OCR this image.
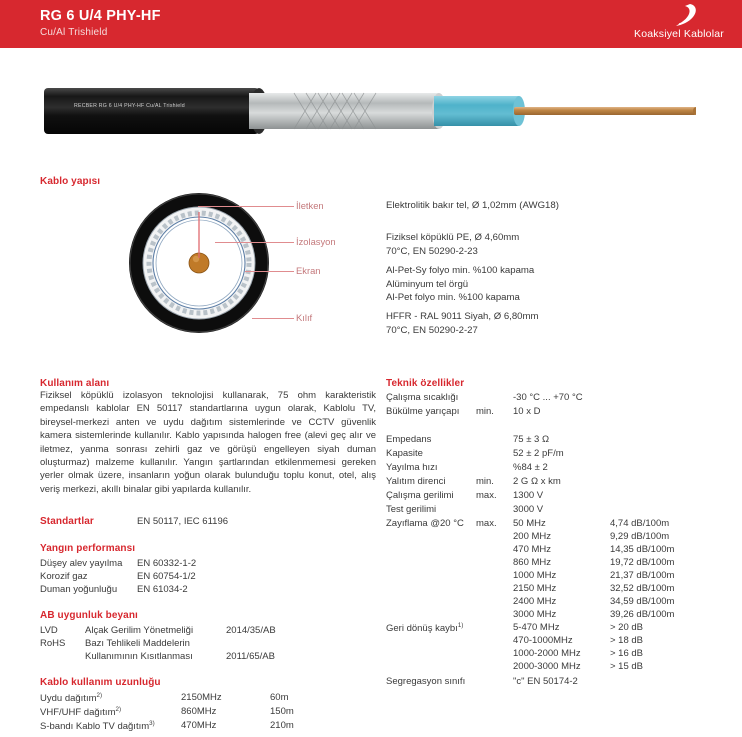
RG 6 U/4 PHY-HF
Cu/Al Trishield	Koaksiyel Kablolar
RECBER RG 6 U/4 PHY-HF Cu/AL Trishield
Kablo yapısı
İletken
İzolasyon
Ekran
Kılıf
Elektrolitik bakır tel, Ø 1,02mm (AWG18)
Fiziksel köpüklü PE, Ø 4,60mm
70°C, EN 50290-2-23
Al-Pet-Sy folyo min. %100 kapama
Alüminyum tel örgü
Al-Pet folyo min. %100 kapama
HFFR - RAL 9011 Siyah, Ø 6,80mm
70°C, EN 50290-2-27
Kullanım alanı
Fiziksel köpüklü izolasyon teknolojisi kullanarak, 75 ohm karakteristik empedanslı kablolar EN 50117 standartlarına uygun olarak, Kablolu TV, bireysel-merkezi anten ve uydu dağıtım sistemlerinde ve CCTV güvenlik kamera sistemlerinde kullanılır. Kablo yapısında halogen free (alevi geç alır ve iletmez, yanma sonrası zehirli gaz ve görüşü engelleyen siyah duman oluşturmaz) malzeme kullanılır. Yangın şartlarından etkilenmemesi gereken yerler olmak üzere, insanların yoğun olarak bulunduğu toplu konut, otel, alış veriş merkezi, akıllı binalar gibi yapılarda kullanılır.
Standartlar	EN 50117, IEC 61196
Yangın performansı
Düşey alev yayılma EN 60332-1-2
Korozif gaz	EN 60754-1/2
Duman yoğunluğu EN 61034-2
AB uygunluk beyanı
LVD	Alçak Gerilim Yönetmeliği	2014/35/AB
RoHS Bazı Tehlikeli Maddelerin
Kullanımının Kısıtlanması	2011/65/AB
Kablo kullanım uzunluğu
Uydu dağıtım$^{2)}$	2150MHz	60m
VHF/UHF dağıtım$^{2)}$	860MHz	150m
S-bandı Kablo TV dağıtım$^{3)}$	470MHz	210m
Teknik özellikler
Çalışma sıcaklığı	-30 °C ... +70 °C
Bükülme yarıçapı min. 10 x D
Empedans	75 ± 3 Ω
Kapasite	52 ± 2 pF/m
Yayılma hızı	%84 ± 2
Yalıtım direnci	min. 2 G Ω x km
Çalışma gerilimi max. 1300 V
Test gerilimi	3000 V
Zayıflama @20 °C max. 50 MHz	4,74 dB/100m
200 MHz	9,29 dB/100m
470 MHz	14,35 dB/100m
860 MHz	19,72 dB/100m
1000 MHz	21,37 dB/100m
2150 MHz	32,52 dB/100m
2400 MHz	34,59 dB/100m
3000 MHz	39,26 dB/100m
Geri dönüş kaybı$^{1)}$	5-470 MHz	> 20 dB
470-1000MHz	> 18 dB
1000-2000 MHz	> 16 dB
2000-3000 MHz	> 15 dB
Segregasyon sınıfı	"c" EN 50174-2
